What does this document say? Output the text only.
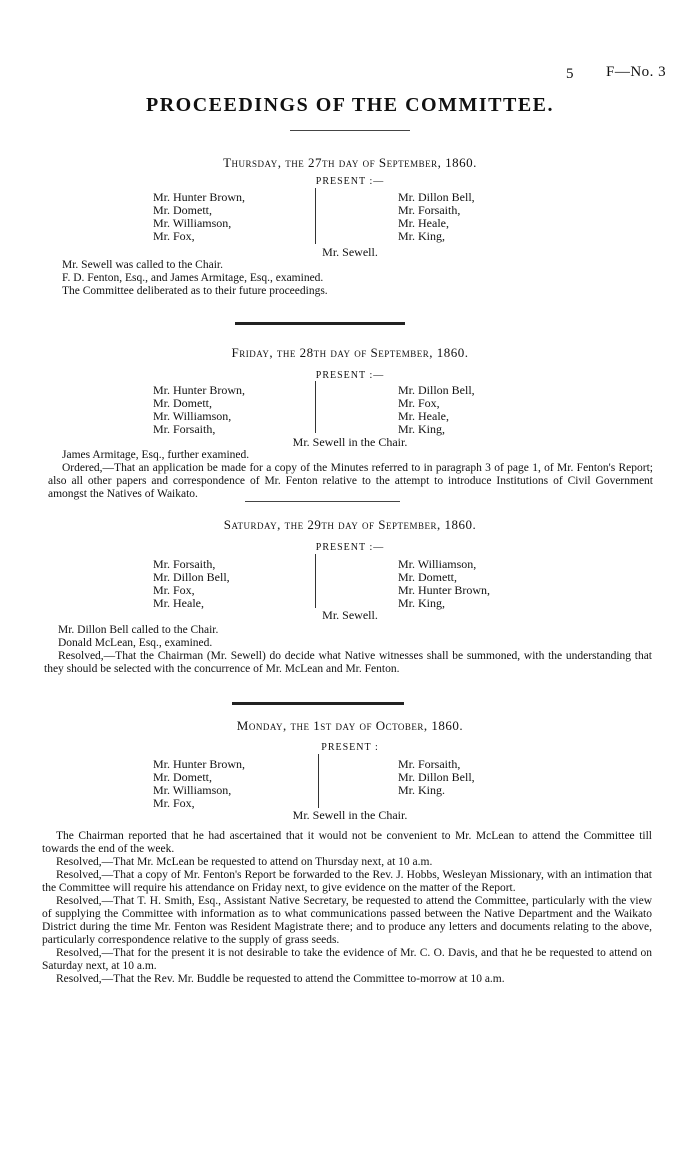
5 F—No. 3
PROCEEDINGS OF THE COMMITTEE.
Thursday, the 27th day of September, 1860.
PRESENT :—
Mr. Hunter Brown,
Mr. Domett,
Mr. Williamson,
Mr. Fox,
Mr. Dillon Bell,
Mr. Forsaith,
Mr. Heale,
Mr. King,
Mr. Sewell.

Mr. Sewell was called to the Chair.

F. D. Fenton, Esq., and James Armitage, Esq., examined.

The Committee deliberated as to their future proceedings.

Friday, the 28th day of September, 1860.
PRESENT :—
Mr. Hunter Brown,
Mr. Domett,
Mr. Williamson,
Mr. Forsaith,
Mr. Dillon Bell,
Mr. Fox,
Mr. Heale,
Mr. King,
Mr. Sewell in the Chair.

James Armitage, Esq., further examined.

Ordered,—That an application be made for a copy of the Minutes referred to in paragraph 3 of page 1, of Mr. Fenton's Report; also all other papers and correspondence of Mr. Fenton relative to the attempt to introduce Institutions of Civil Government amongst the Natives of Waikato.

Saturday, the 29th day of September, 1860.
PRESENT :—
Mr. Forsaith,
Mr. Dillon Bell,
Mr. Fox,
Mr. Heale,
Mr. Williamson,
Mr. Domett,
Mr. Hunter Brown,
Mr. King,
Mr. Sewell.

Mr. Dillon Bell called to the Chair.

Donald McLean, Esq., examined.

Resolved,—That the Chairman (Mr. Sewell) do decide what Native witnesses shall be summoned, with the understanding that they should be selected with the concurrence of Mr. McLean and Mr. Fenton.

Monday, the 1st day of October, 1860.
PRESENT :
Mr. Hunter Brown,
Mr. Domett,
Mr. Williamson,
Mr. Fox,
Mr. Forsaith,
Mr. Dillon Bell,
Mr. King.
Mr. Sewell in the Chair.

The Chairman reported that he had ascertained that it would not be convenient to Mr. McLean to attend the Committee till towards the end of the week.

Resolved,—That Mr. McLean be requested to attend on Thursday next, at 10 a.m.

Resolved,—That a copy of Mr. Fenton's Report be forwarded to the Rev. J. Hobbs, Wesleyan Missionary, with an intimation that the Committee will require his attendance on Friday next, to give evidence on the matter of the Report.

Resolved,—That T. H. Smith, Esq., Assistant Native Secretary, be requested to attend the Committee, particularly with the view of supplying the Committee with information as to what communications passed between the Native Department and the Waikato District during the time Mr. Fenton was Resident Magistrate there; and to produce any letters and documents relating to the above, particularly correspondence relative to the supply of grass seeds.

Resolved,—That for the present it is not desirable to take the evidence of Mr. C. O. Davis, and that he be requested to attend on Saturday next, at 10 a.m.

Resolved,—That the Rev. Mr. Buddle be requested to attend the Committee to-morrow at 10 a.m.
